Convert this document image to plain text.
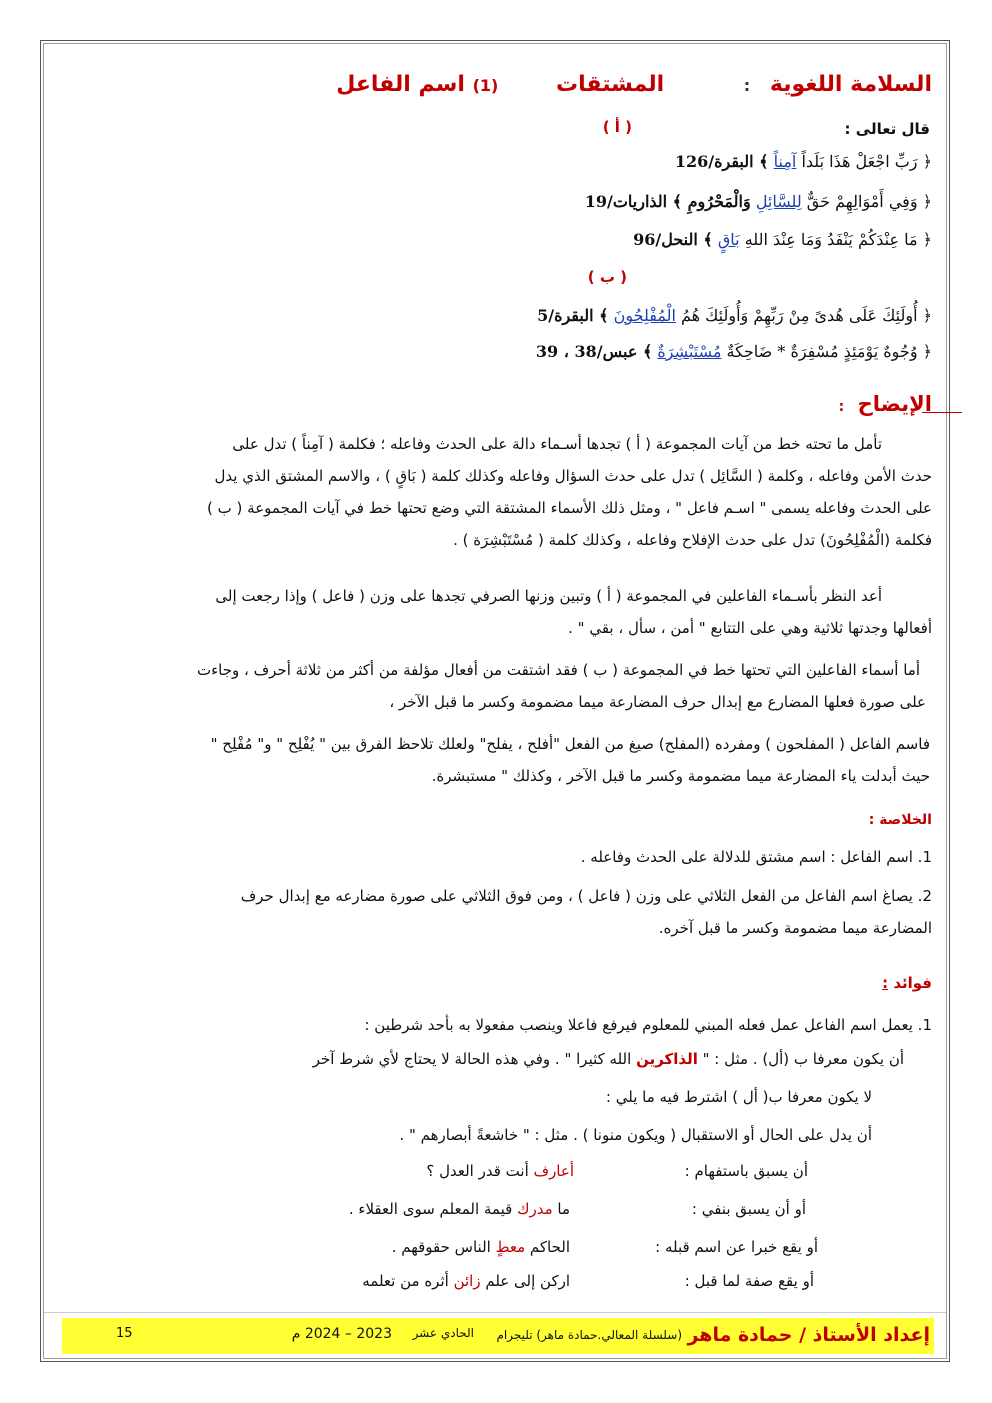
السلامة اللغوية : المشتقات (1) اسم الفاعل
قال تعالى :
( أ )
﴿ رَبِّ اجْعَلْ هَذَا بَلَداً آمِناً ﴾ البقرة/126
﴿ وَفِي أَمْوَالِهِمْ حَقٌّ لِلسَّائِلِ وَالْمَحْرُومِ ﴾ الذاريات/19
﴿ مَا عِنْدَكُمْ يَنْفَدُ وَمَا عِنْدَ اللهِ بَاقٍ ﴾ النحل/96
( ب )
﴿ أُولَئِكَ عَلَى هُدىً مِنْ رَبِّهِمْ وَأُولَئِكَ هُمُ الْمُفْلِحُونَ ﴾ البقرة/5
﴿ وُجُوهٌ يَوْمَئِذٍ مُسْفِرَةٌ * ضَاحِكَةٌ مُسْتَبْشِرَةٌ ﴾ عبس/38 ، 39
الإيضاح :
تأمل ما تحته خط من آيات المجموعة ( أ ) تجدها أسـماء دالة على الحدث وفاعله ؛ فكلمة ( آمِناً ) تدل على
حدث الأمن وفاعله ، وكلمة ( السَّائِل ) تدل على حدث السؤال وفاعله وكذلك كلمة ( بَاقٍ ) ، والاسم المشتق الذي يدل
على الحدث وفاعله يسمى " اسـم فاعل " ، ومثل ذلك الأسماء المشتقة التي وضع تحتها خط في آيات المجموعة ( ب )
فكلمة (الْمُفْلِحُونَ) تدل على حدث الإفلاح وفاعله ، وكذلك كلمة ( مُسْتَبْشِرَة ) .
أعد النظر بأسـماء الفاعلين في المجموعة ( أ ) وتبين وزنها الصرفي تجدها على وزن ( فاعل ) وإذا رجعت إلى
أفعالها وجدتها ثلاثية وهي على التتابع " أمن ، سأل ، بقي " .
أما أسماء الفاعلين التي تحتها خط في المجموعة ( ب ) فقد اشتقت من أفعال مؤلفة من أكثر من ثلاثة أحرف ، وجاءت
على صورة فعلها المضارع مع إبدال حرف المضارعة ميما مضمومة وكسر ما قبل الآخر ،
فاسم الفاعل ( المفلحون ) ومفرده (المفلح) صيغ من الفعل "أفلح ، يفلح" ولعلك تلاحظ الفرق بين " يُفْلِح " و" مُفْلِح "
حيث أبدلت ياء المضارعة ميما مضمومة وكسر ما قبل الآخر ، وكذلك " مستبشرة.
الخلاصة :
1. اسم الفاعل : اسم مشتق للدلالة على الحدث وفاعله .
2. يصاغ اسم الفاعل من الفعل الثلاثي على وزن ( فاعل ) ، ومن فوق الثلاثي على صورة مضارعه مع إبدال حرف
المضارعة ميما مضمومة وكسر ما قبل آخره.
فوائد :
1. يعمل اسم الفاعل عمل فعله المبني للمعلوم فيرفع فاعلا وينصب مفعولا به بأحد شرطين :
أن يكون معرفا ب (أل) . مثل : " الذاكرين الله كثيرا " . وفي هذه الحالة لا يحتاج لأي شرط آخر
لا يكون معرفا ب( أل ) اشترط فيه ما يلي :
أن يدل على الحال أو الاستقبال ( ويكون منونا ) . مثل : " خاشعةً أبصارهم " .
أن يسبق باستفهام :
أعارف أنت قدر العدل ؟
أو أن يسبق بنفي :
ما مدرك قيمة المعلم سوى العقلاء .
أو يقع خبرا عن اسم قبله :
الحاكم معطٍ الناس حقوقهم .
أو يقع صفة لما قبل :
اركن إلى علم زائن أثره من تعلمه
إعداد الأستاذ / حمادة ماهر
(سلسلة المعالي.حمادة ماهر) تليجرام
الحادي عشر
2023 – 2024 م
15
